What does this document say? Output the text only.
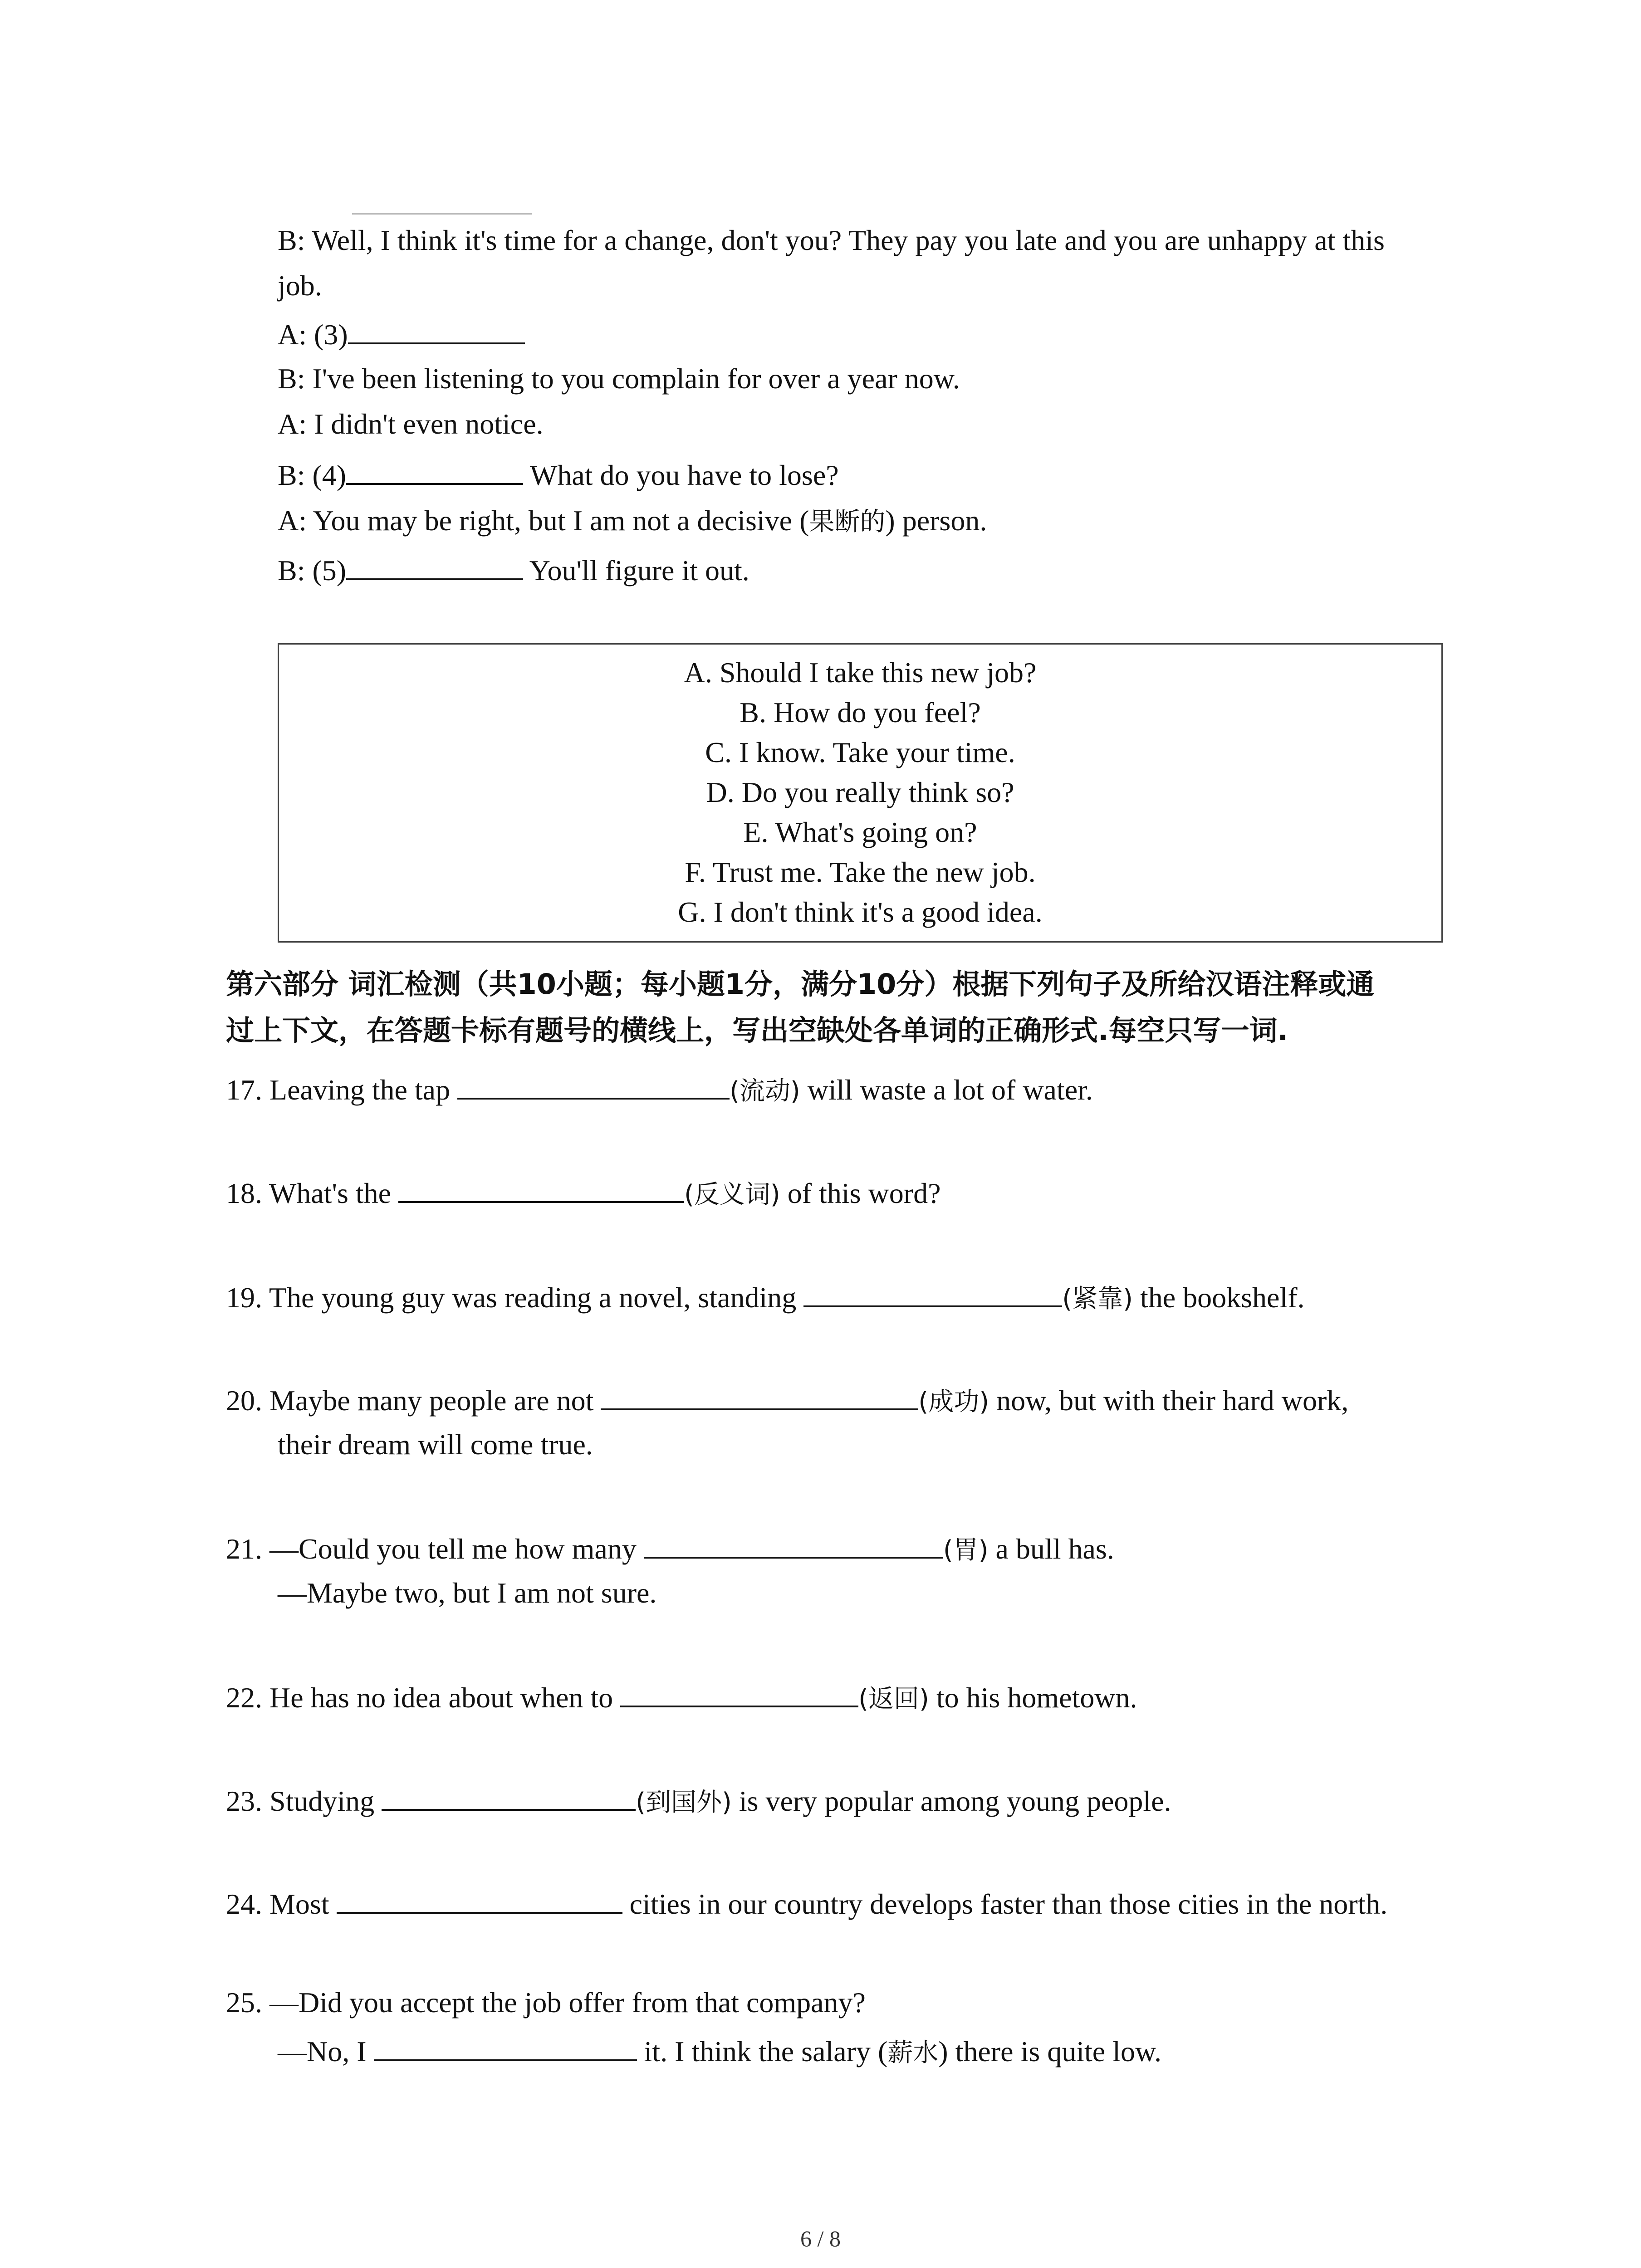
B: Well, I think it's time for a change, don't you? They pay you late and you are unhappy at this
job.
A: (3)
B: I've been listening to you complain for over a year now.
A: I didn't even notice.
B: (4)	What do you have to lose?
A: You may be right, but I am not a decisive (果断的) person.
B: (5)	You'll figure it out.
A. Should I take this new job?
B. How do you feel?
C. I know. Take your time.
D. Do you really think so?
E. What's going on?
F. Trust me. Take the new job.
G. I don't think it's a good idea.
第六部分 词汇检测（共10小题；每小题1分，满分10分）根据下列句子及所给汉语注释或通
过上下文，在答题卡标有题号的横线上，写出空缺处各单词的正确形式.每空只写一词.
17. Leaving the tap	(流动) will waste a lot of water.
18. What's the	(反义词) of this word?
19. The young guy was reading a novel, standing	(紧靠) the bookshelf.
20. Maybe many people are not	(成功) now, but with their hard work,
their dream will come true.
21. —Could you tell me how many	(胃) a bull has.
—Maybe two, but I am not sure.
22. He has no idea about when to	(返回) to his hometown.
23. Studying	(到国外) is very popular among young people.
24. Most	cities in our country develops faster than those cities in the north.
25. —Did you accept the job offer from that company?
—No, I	it. I think the salary (薪水) there is quite low.
6 / 8
